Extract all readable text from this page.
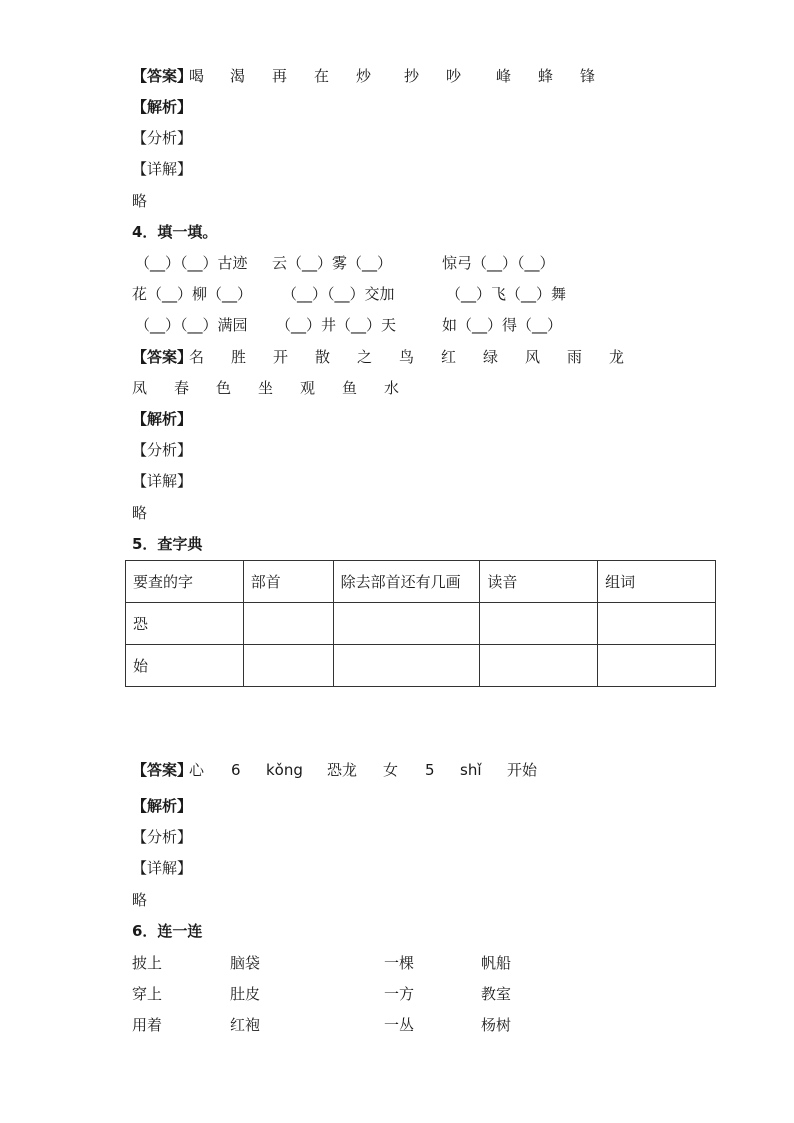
【答案】
喝 渴 再 在 炒 抄 吵 峰 蜂 锋
【解析】
【分析】
【详解】
略
4．填一填。
（__）（__）古迹 云（__）雾（__）	惊弓（__）（__）
花（__）柳（__） （__）（__）交加	（__）飞（__）舞
（__）（__）满园 （__）井（__）天	如（__）得（__）
【答案】
名 胜 开 散 之 鸟 红 绿 风 雨 龙
凤 春 色 坐 观 鱼 水
【解析】
【分析】
【详解】
略
5．查字典
要查的字	部首	除去部首还有几画	读音	组词
恐				
始				
【答案】
心 6 kǒng 恐龙 女 5 shǐ 开始
【解析】
【分析】
【详解】
略
6．连一连
披上	脑袋	一棵	帆船
穿上	肚皮	一方	教室
用着	红袍	一丛	杨树
